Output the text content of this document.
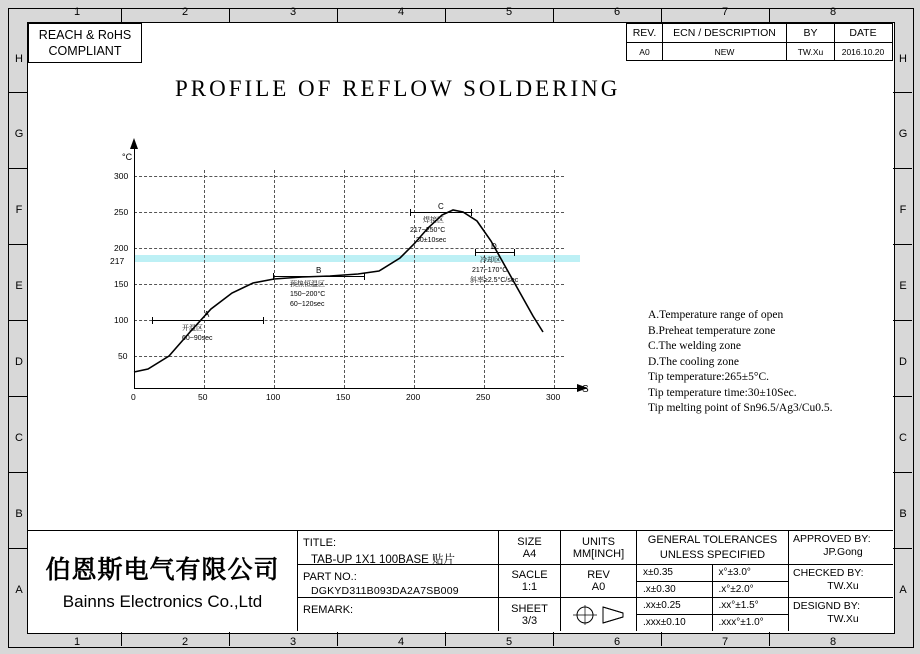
1	2	3	4	5	6	7	8
1	2	3	4	5	6	7	8
H
G
F
E
D
C
B
A
H
G
F
E
D
C
B
A
REACH & RoHS
COMPLIANT
REV.	ECN / DESCRIPTION	BY	DATE
A0	NEW	TW.Xu	2016.10.20
PROFILE OF REFLOW SOLDERING
°C
S
300
250
200
150
100
50
217
0	50	100	150	200	250	300
A
开温区
60~90sec
B
预热恒温区
150~200°C
60~120sec
C
焊接区
217~250°C
30±10sec
D
冷却区
217~170°C
斜率≥2.5°C/sec
A.Temperature range of open
B.Preheat temperature zone
C.The welding zone
D.The cooling zone
Tip temperature:265±5°C.
Tip temperature time:30±10Sec.
Tip melting point of Sn96.5/Ag3/Cu0.5.
伯恩斯电气有限公司
Bainns Electronics Co.,Ltd
TITLE:
TAB-UP 1X1 100BASE 贴片
PART NO.:
DGKYD311B093DA2A7SB009
REMARK:
SIZE
A4
SACLE
1:1
SHEET
3/3
UNITS
MM[INCH]
REV
A0
GENERAL TOLERANCES
UNLESS SPECIFIED
x±0.35	x°±3.0°
.x±0.30	.x°±2.0°
.xx±0.25	.xx°±1.5°
.xxx±0.10	.xxx°±1.0°
APPROVED BY:
JP.Gong
CHECKED BY:
TW.Xu
DESIGND BY:
TW.Xu
